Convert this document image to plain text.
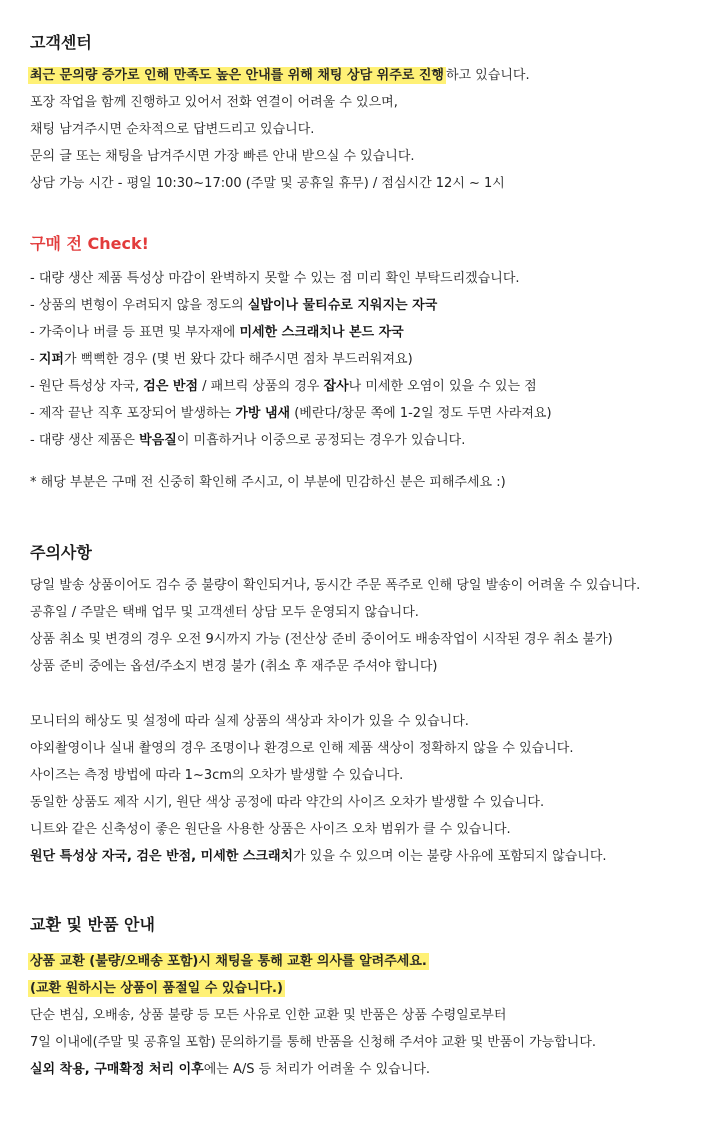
고객센터
최근 문의량 증가로 인해 만족도 높은 안내를 위해 채팅 상담 위주로 진행 하고 있습니다.
포장 작업을 함께 진행하고 있어서 전화 연결이 어려울 수 있으며,
채팅 남겨주시면 순차적으로 답변드리고 있습니다.
문의 글 또는 채팅을 남겨주시면 가장 빠른 안내 받으실 수 있습니다.
상담 가능 시간 - 평일 10:30~17:00 (주말 및 공휴일 휴무) / 점심시간 12시 ~ 1시
구매 전 Check!
- 대량 생산 제품 특성상 마감이 완벽하지 못할 수 있는 점 미리 확인 부탁드리겠습니다.
- 상품의 변형이 우려되지 않을 정도의 실밥이나 물티슈로 지워지는 자국
- 가죽이나 버클 등 표면 및 부자재에 미세한 스크래치나 본드 자국
- 지퍼가 뻑뻑한 경우 (몇 번 왔다 갔다 해주시면 점차 부드러워져요)
- 원단 특성상 자국, 검은 반점 / 패브릭 상품의 경우 잡사나 미세한 오염이 있을 수 있는 점
- 제작 끝난 직후 포장되어 발생하는 가방 냄새 (베란다/창문 쪽에 1-2일 정도 두면 사라져요)
- 대량 생산 제품은 박음질이 미흡하거나 이중으로 공정되는 경우가 있습니다.
* 해당 부분은 구매 전 신중히 확인해 주시고, 이 부분에 민감하신 분은 피해주세요 :)
주의사항
당일 발송 상품이어도 검수 중 불량이 확인되거나, 동시간 주문 폭주로 인해 당일 발송이 어려울 수 있습니다.
공휴일 / 주말은 택배 업무 및 고객센터 상담 모두 운영되지 않습니다.
상품 취소 및 변경의 경우 오전 9시까지 가능 (전산상 준비 중이어도 배송작업이 시작된 경우 취소 불가)
상품 준비 중에는 옵션/주소지 변경 불가 (취소 후 재주문 주셔야 합니다)
모니터의 해상도 및 설정에 따라 실제 상품의 색상과 차이가 있을 수 있습니다.
야외촬영이나 실내 촬영의 경우 조명이나 환경으로 인해 제품 색상이 정확하지 않을 수 있습니다.
사이즈는 측정 방법에 따라 1~3cm의 오차가 발생할 수 있습니다.
동일한 상품도 제작 시기, 원단 색상 공정에 따라 약간의 사이즈 오차가 발생할 수 있습니다.
니트와 같은 신축성이 좋은 원단을 사용한 상품은 사이즈 오차 범위가 클 수 있습니다.
원단 특성상 자국, 검은 반점, 미세한 스크래치가 있을 수 있으며 이는 불량 사유에 포함되지 않습니다.
교환 및 반품 안내
상품 교환 (불량/오배송 포함)시 채팅을 통해 교환 의사를 알려주세요.
(교환 원하시는 상품이 품절일 수 있습니다.)
단순 변심, 오배송, 상품 불량 등 모든 사유로 인한 교환 및 반품은 상품 수령일로부터
7일 이내에(주말 및 공휴일 포함) 문의하기를 통해 반품을 신청해 주셔야 교환 및 반품이 가능합니다.
실외 착용, 구매확정 처리 이후에는 A/S 등 처리가 어려울 수 있습니다.
